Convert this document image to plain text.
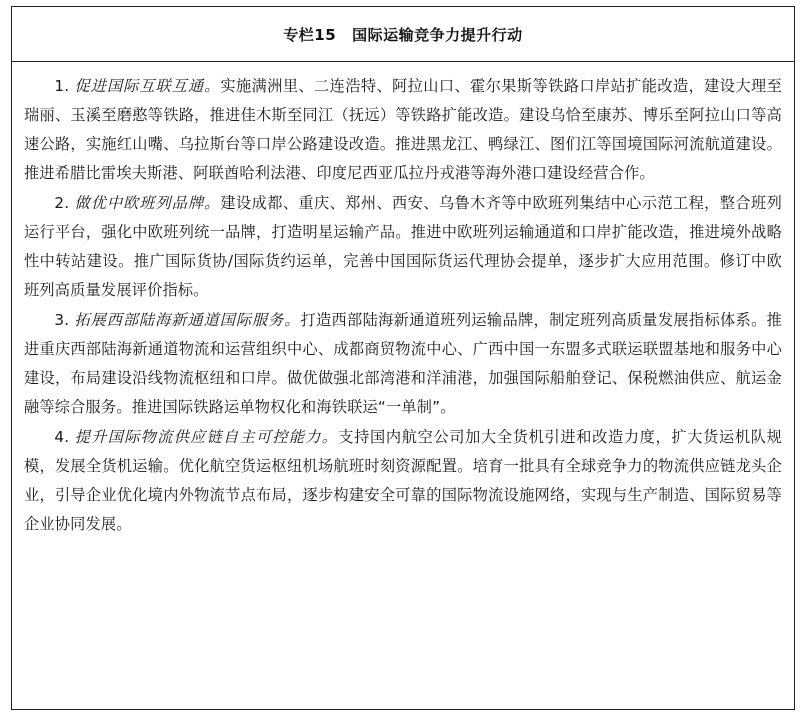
专栏15 国际运输竞争力提升行动

1. 促进国际互联互通。实施满洲里、二连浩特、阿拉山口、霍尔果斯等铁路口岸站扩能改造，建设大理至瑞丽、玉溪至磨憨等铁路，推进佳木斯至同江（抚远）等铁路扩能改造。建设乌恰至康苏、博乐至阿拉山口等高速公路，实施红山嘴、乌拉斯台等口岸公路建设改造。推进黑龙江、鸭绿江、图们江等国境国际河流航道建设。推进希腊比雷埃夫斯港、阿联酋哈利法港、印度尼西亚瓜拉丹戎港等海外港口建设经营合作。

2. 做优中欧班列品牌。建设成都、重庆、郑州、西安、乌鲁木齐等中欧班列集结中心示范工程，整合班列运行平台，强化中欧班列统一品牌，打造明星运输产品。推进中欧班列运输通道和口岸扩能改造，推进境外战略性中转站建设。推广国际货协/国际货约运单，完善中国国际货运代理协会提单，逐步扩大应用范围。修订中欧班列高质量发展评价指标。

3. 拓展西部陆海新通道国际服务。打造西部陆海新通道班列运输品牌，制定班列高质量发展指标体系。推进重庆西部陆海新通道物流和运营组织中心、成都商贸物流中心、广西中国一东盟多式联运联盟基地和服务中心建设，布局建设沿线物流枢纽和口岸。做优做强北部湾港和洋浦港，加强国际船舶登记、保税燃油供应、航运金融等综合服务。推进国际铁路运单物权化和海铁联运“一单制”。

4. 提升国际物流供应链自主可控能力。支持国内航空公司加大全货机引进和改造力度，扩大货运机队规模，发展全货机运输。优化航空货运枢纽机场航班时刻资源配置。培育一批具有全球竞争力的物流供应链龙头企业，引导企业优化境内外物流节点布局，逐步构建安全可靠的国际物流设施网络，实现与生产制造、国际贸易等企业协同发展。
